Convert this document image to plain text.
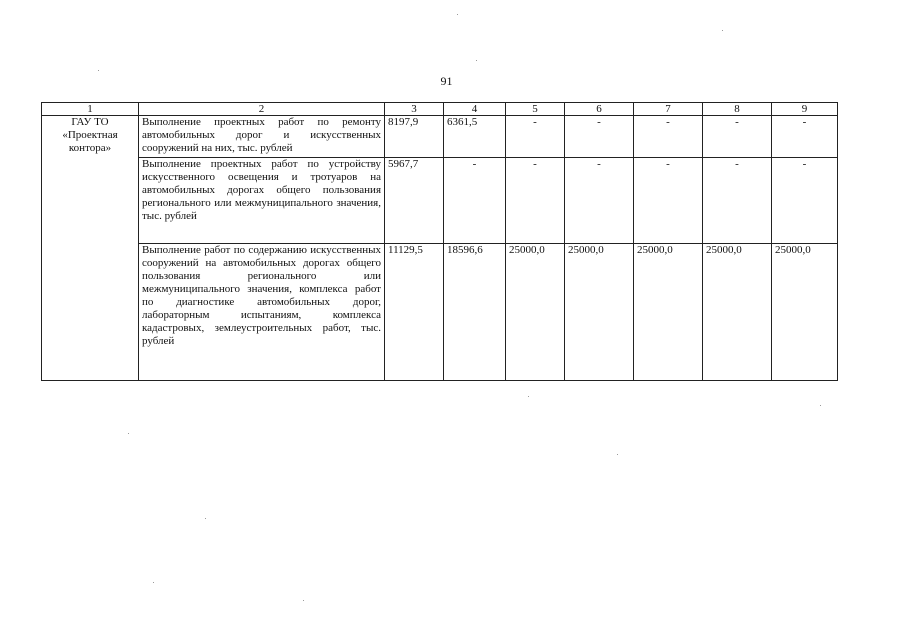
91
1	2	3	4	5	6	7	8	9

ГАУ ТО
«Проектная
контора»	Выполнение проектных работ по ремонту автомобильных дорог и искусственных сооружений на них, тыс. рублей	8197,9	6361,5	-	-	-	-	-
	Выполнение проектных работ по устройству искусственного освещения и тротуаров на автомобильных дорогах общего пользования регионального или межмуниципального значения, тыс. рублей	5967,7	-	-	-	-	-	-
	Выполнение работ по содержанию искусственных сооружений на автомобильных дорогах общего пользования регионального или межмуниципального значения, комплекса работ по диагностике автомобильных дорог, лабораторным испытаниям, комплекса кадастровых, землеустроительных работ, тыс. рублей	11129,5	18596,6	25000,0	25000,0	25000,0	25000,0	25000,0
